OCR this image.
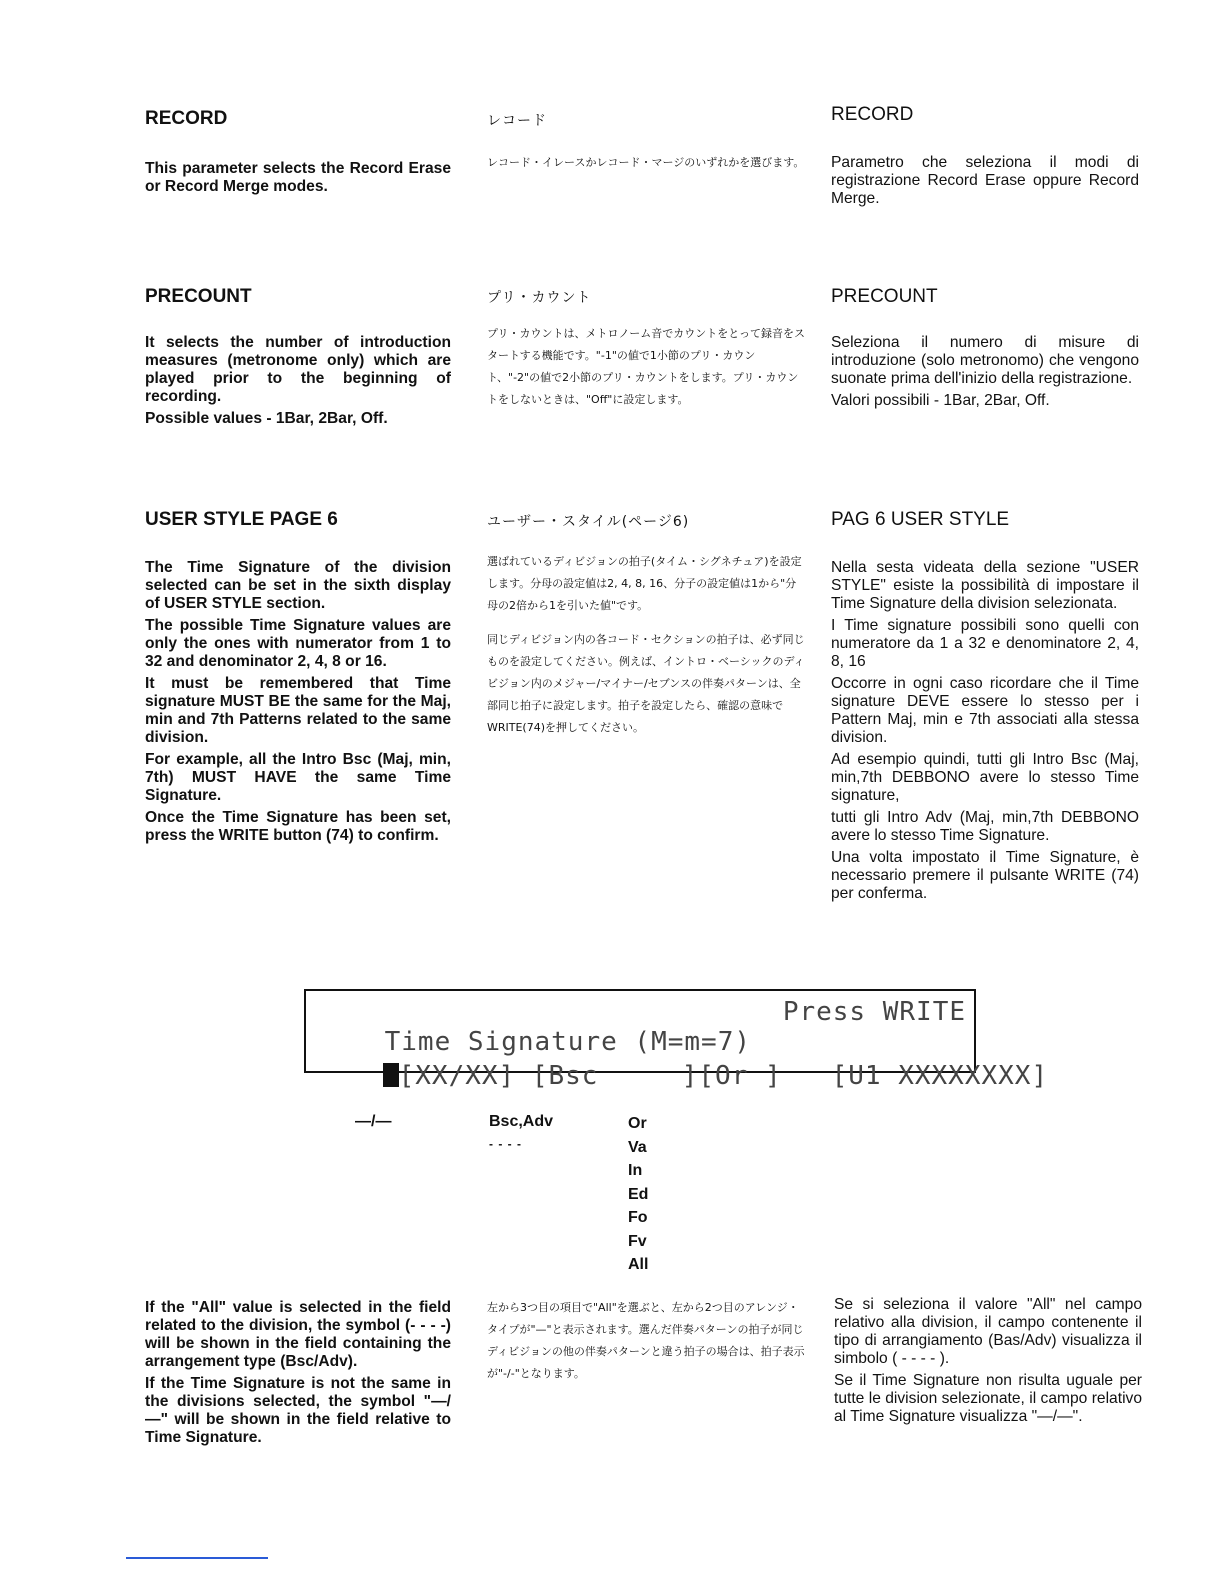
RECORD

This parameter selects the Record Erase or Record Merge modes.

レコード

レコード・イレースかレコード・マージのいずれかを選びます。

RECORD

Parametro che seleziona il modi di registrazione Record Erase oppure Record Merge.

PRECOUNT

It selects the number of introduction measures (metronome only) which are played prior to the beginning of recording.

Possible values - 1Bar, 2Bar, Off.

プリ・カウント

プリ・カウントは、メトロノーム音でカウントをとって録音をスタートする機能です。"-1"の値で1小節のプリ・カウント、"-2"の値で2小節のプリ・カウントをします。プリ・カウントをしないときは、"Off"に設定します。

PRECOUNT

Seleziona il numero di misure di introduzione (solo metronomo) che vengono suonate prima dell'inizio della registrazione.

Valori possibili - 1Bar, 2Bar, Off.

USER STYLE PAGE 6

The Time Signature of the division selected can be set in the sixth display of USER STYLE section.

The possible Time Signature values are only the ones with numerator from 1 to 32 and denominator 2, 4, 8 or 16.

It must be remembered that Time signature MUST BE the same for the Maj, min and 7th Patterns related to the same division.

For example, all the Intro Bsc (Maj, min, 7th) MUST HAVE the same Time Signature.

Once the Time Signature has been set, press the WRITE button (74) to confirm.

ユーザー・スタイル(ページ6)

選ばれているディビジョンの拍子(タイム・シグネチュア)を設定します。分母の設定値は2, 4, 8, 16、分子の設定値は1から"分母の2倍から1を引いた値"です。

同じディビジョン内の各コード・セクションの拍子は、必ず同じものを設定してください。例えば、イントロ・ベーシックのディビジョン内のメジャー/マイナー/セブンスの伴奏パターンは、全部同じ拍子に設定します。拍子を設定したら、確認の意味でWRITE(74)を押してください。

PAG 6 USER STYLE

Nella sesta videata della sezione "USER STYLE" esiste la possibilità di impostare il Time Signature della division selezionata.

I Time signature possibili sono quelli con numeratore da 1 a 32 e denominatore 2, 4, 8, 16

Occorre in ogni caso ricordare che il Time signature DEVE essere lo stesso per i Pattern Maj, min e 7th associati alla stessa division.

Ad esempio quindi, tutti gli Intro Bsc (Maj, min,7th DEBBONO avere lo stesso Time signature,

tutti gli Intro Adv (Maj, min,7th DEBBONO avere lo stesso Time Signature.

Una volta impostato il Time Signature, è necessario premere il pulsante WRITE (74) per conferma.

Time Signature (M=m=7)

Press WRITE

[XX/XX] [Bsc     ][Or ]   [U1 XXXXXXXX]

—/—	Bsc,Adv
- - - -
Or
Va
In
Ed
Fo
Fv
All

If the "All" value is selected in the field related to the division, the symbol (- - - -) will be shown in the field containing the arrangement type (Bsc/Adv).

If the Time Signature is not the same in the divisions selected, the symbol "—/—" will be shown in the field relative to Time Signature.

左から3つ目の項目で"All"を選ぶと、左から2つ目のアレンジ・タイプが"—"と表示されます。選んだ伴奏パターンの拍子が同じディビジョンの他の伴奏パターンと違う拍子の場合は、拍子表示が"-/-"となります。

Se si seleziona il valore "All" nel campo relativo alla division, il campo contenente il tipo di arrangiamento (Bas/Adv) visualizza il simbolo ( - - - - ).

Se il Time Signature non risulta uguale per tutte le division selezionate, il campo relativo al Time Signature visualizza "—/—".
